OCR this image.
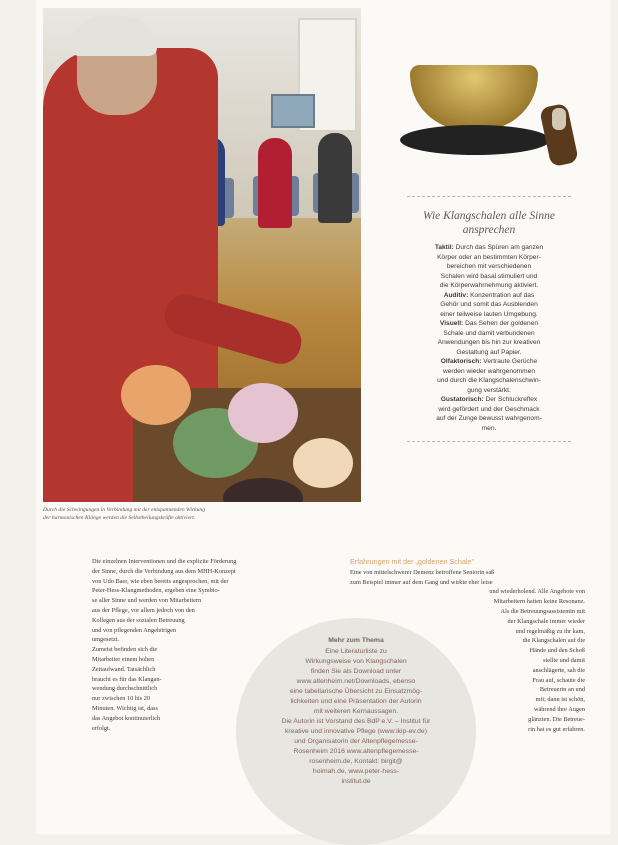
Durch die Schwingungen in Verbindung mit der entspannenden Wirkung
der harmonischen Klänge werden die Selbstheilungskräfte aktiviert.
Wie Klangschalen alle Sinne
ansprechen
Taktil: Durch das Spüren am ganzen
Körper oder an bestimmten Körper-
bereichen mit verschiedenen
Schalen wird basal stimuliert und
die Körperwahrnehmung aktiviert.
Auditiv: Konzentration auf das
Gehör und somit das Ausblenden
einer teilweise lauten Umgebung.
Visuell: Das Sehen der goldenen
Schale und damit verbundenen
Anwendungen bis hin zur kreativen
Gestaltung auf Papier.
Olfaktorisch: Vertraute Gerüche
werden wieder wahrgenommen
und durch die Klangschalenschwin-
gung verstärkt.
Gustatorisch: Der Schluckreflex
wird gefördert und der Geschmack
auf der Zunge bewusst wahrgenom-
men.
Die einzelnen Interventionen und die explizite Förderung
der Sinne, durch die Verbindung aus dem MHH-Konzept
von Udo Baer, wie eben bereits angesprochen, mit der
Peter-Hess-Klangmethoden, ergeben eine Symbio-
se aller Sinne und werden von Mitarbeitern
aus der Pflege, vor allem jedoch von den
Kollegen aus der sozialen Betreuung
und von pflegenden Angehörigen
umgesetzt.
Zumeist befinden sich die
Mitarbeiter einem hohen
Zeitaufwand. Tatsächlich
braucht es für das Klangan-
wendung durchschnittlich
nur zwischen 10 bis 20
Minuten. Wichtig ist, dass
das Angebot kontinuierlich
erfolgt.
Erfahrungen mit der „goldenen Schale"
Eine von mittelschwerer Demenz betroffene Seniorin saß
zum Beispiel immer auf dem Gang und wirkte eher leise
und wiederholend. Alle Angebote von
Mitarbeitern hatten keine Resonanz.
Als die Betreuungsassistentin mit
der Klangschale immer wieder
und regelmäßig zu ihr kam,
die Klangschalen auf die
Hände und den Schoß
stellte und damit
anschlägerte, sah die
Frau auf, schaute die
Betreuerin an und
mit; dann ist schön,
während ihre Augen
glänzten. Die Betreue-
rin hat es gut erfahren.
Mehr zum Thema
Eine Literaturliste zu
Wirkungsweise von Klangschalen
finden Sie als Download unter
www.altenheim.net/Downloads, ebenso
eine tabellarische Übersicht zu Einsatzmög-
lichkeiten und eine Präsentation der Autorin
mit weiteren Kernaussagen.
Die Autorin ist Vorstand des BdP e.V. – Institut für
kreative und innovative Pflege (www.ikip-ev.de)
und Organisatorin der Altenpflegemesse-
Rosenheim 2016 www.altenpflegemesse-
rosenheim.de, Kontakt: birgit@
hoimah.de, www.peter-hess-
institut.de
